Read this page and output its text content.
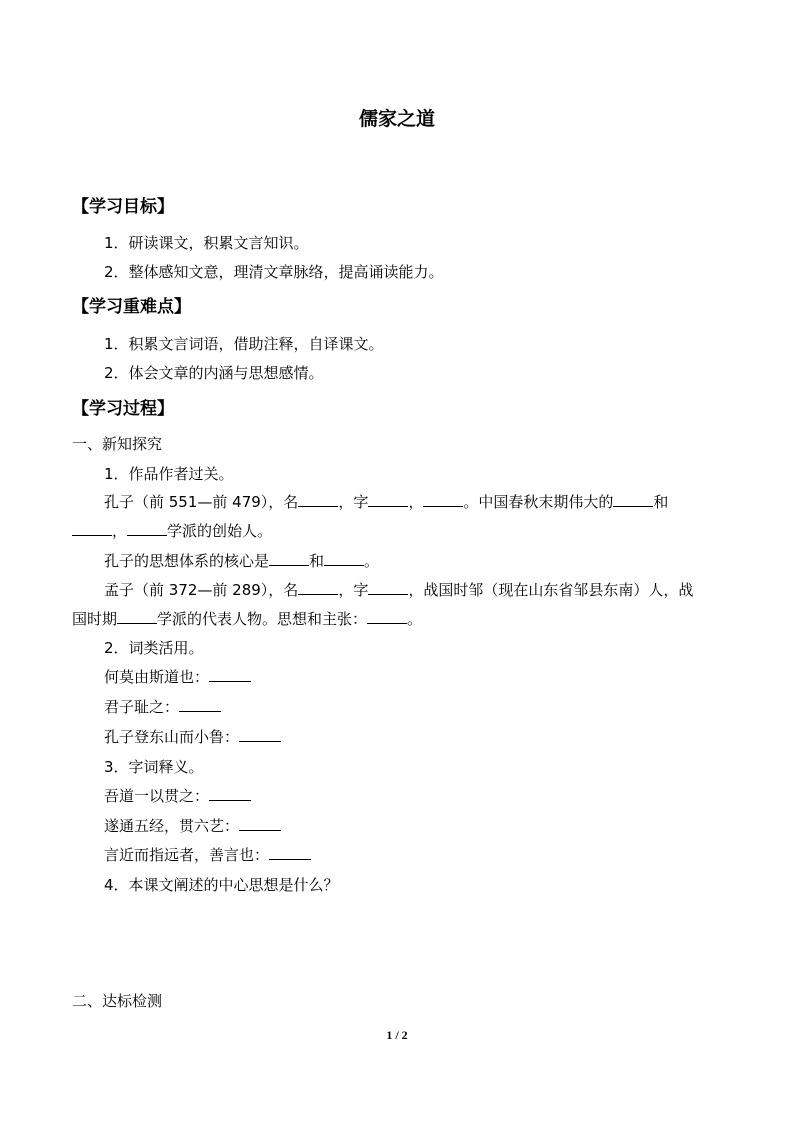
儒家之道
【学习目标】
1．研读课文，积累文言知识。
2．整体感知文意，理清文章脉络，提高诵读能力。
【学习重难点】
1．积累文言词语，借助注释，自译课文。
2．体会文章的内涵与思想感情。
【学习过程】
一、新知探究
1．作品作者过关。
孔子（前 551—前 479），名	，字	，	。中国春秋末期伟大的	和
，	学派的创始人。
孔子的思想体系的核心是	和	。
孟子（前 372—前 289），名	，字	，战国时邹（现在山东省邹县东南）人，战
国时期	学派的代表人物。思想和主张：	。
2．词类活用。
何莫由斯道也：
君子耻之：
孔子登东山而小鲁：
3．字词释义。
吾道一以贯之：
遂通五经，贯六艺：
言近而指远者，善言也：
4．本课文阐述的中心思想是什么？
二、达标检测
1 / 2
